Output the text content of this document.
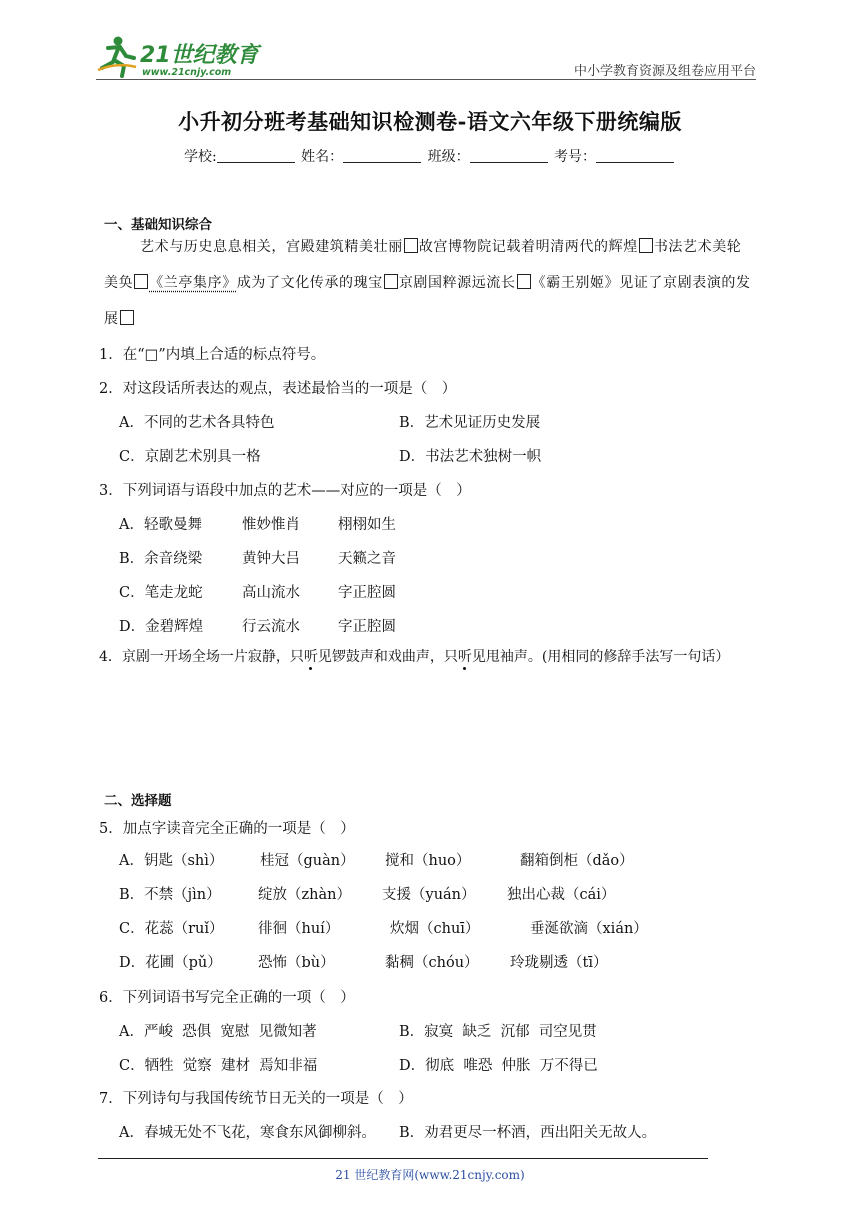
21世纪教育
www.21cnjy.com	中小学教育资源及组卷应用平台
小升初分班考基础知识检测卷-语文六年级下册统编版
学校:	姓名：	班级：	考号：
一、基础知识综合
艺术与历史息息相关，宫殿建筑精美壮丽 故宫博物院记载着明清两代的辉煌 书法艺术美轮
美奂 《兰亭集序》成为了文化传承的瑰宝 京剧国粹源远流长 《霸王别姬》见证了京剧表演的发
展
1．在“□”内填上合适的标点符号。
2．对这段话所表达的观点，表述最恰当的一项是（　）
A．不同的艺术各具特色	B．艺术见证历史发展
C．京剧艺术别具一格	D．书法艺术独树一帜
3．下列词语与语段中加点的艺术——对应的一项是（　）
A．轻歌曼舞	惟妙惟肖	栩栩如生
B．余音绕梁	黄钟大吕	天籁之音
C．笔走龙蛇	高山流水	字正腔圆
D．金碧辉煌	行云流水	字正腔圆
4．京剧一开场全场一片寂静，只听见锣鼓声和戏曲声，只听见甩袖声。(用相同的修辞手法写一句话）
二、选择题
5．加点字读音完全正确的一项是（　）
A．钥匙（shì）	桂冠（guàn） 搅和（huo）	翻箱倒柜（dǎo）
B．不禁（jìn）	绽放（zhàn） 支援（yuán） 独出心裁（cái）
C．花蕊（ruǐ） 徘徊（huí）	炊烟（chuī）	垂涎欲滴（xián）
D．花圃（pǔ）	恐怖（bù）	黏稠（chóu） 玲珑剔透（tī）
6．下列词语书写完全正确的一项（　）
A．严峻  恐俱  宽慰  见微知著	B．寂寞  缺乏  沉郁  司空见贯
C．牺牲  觉察  建材  焉知非福	D．彻底  唯恐  仲胀  万不得已
7．下列诗句与我国传统节日无关的一项是（　）
A．春城无处不飞花，寒食东风御柳斜。 B．劝君更尽一杯酒，西出阳关无故人。
21 世纪教育网(www.21cnjy.com)
